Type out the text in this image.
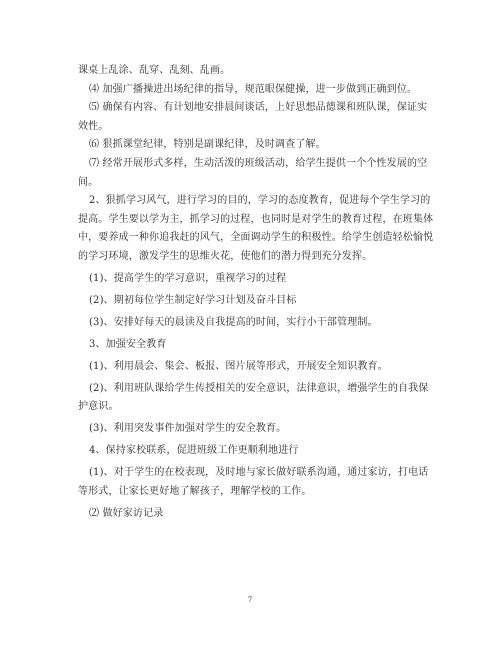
课桌上乱涂、乱穿、乱刻、乱画。
⑷ 加强广播操进出场纪律的指导，规范眼保健操，进一步做到正确到位。
⑸ 确保有内容、有计划地安排晨间谈话，上好思想品德课和班队课，保证实
效性。
⑹ 狠抓课堂纪律，特别是副课纪律，及时调查了解。
⑺ 经常开展形式多样，生动活泼的班级活动，给学生提供一个个性发展的空
间。
2、狠抓学习风气，进行学习的目的，学习的态度教育，促进每个学生学习的
提高。学生要以学为主，抓学习的过程，也同时是对学生的教育过程，在班集体
中，要养成一种你追我赶的风气，全面调动学生的积极性。给学生创造轻松愉悦
的学习环境，激发学生的思维火花，使他们的潜力得到充分发挥。
(1)、提高学生的学习意识，重视学习的过程
(2)、期初每位学生制定好学习计划及奋斗目标
(3)、安排好每天的晨读及自我提高的时间，实行小干部管理制。
3、加强安全教育
(1)、利用晨会、集会、板报、图片展等形式，开展安全知识教育。
(2)、利用班队课给学生传授相关的安全意识，法律意识，增强学生的自我保
护意识。
(3)、利用突发事件加强对学生的安全教育。
4、保持家校联系，促进班级工作更顺利地进行
(1)、对于学生的在校表现，及时地与家长做好联系沟通，通过家访，打电话
等形式，让家长更好地了解孩子，理解学校的工作。
⑵ 做好家访记录
7
